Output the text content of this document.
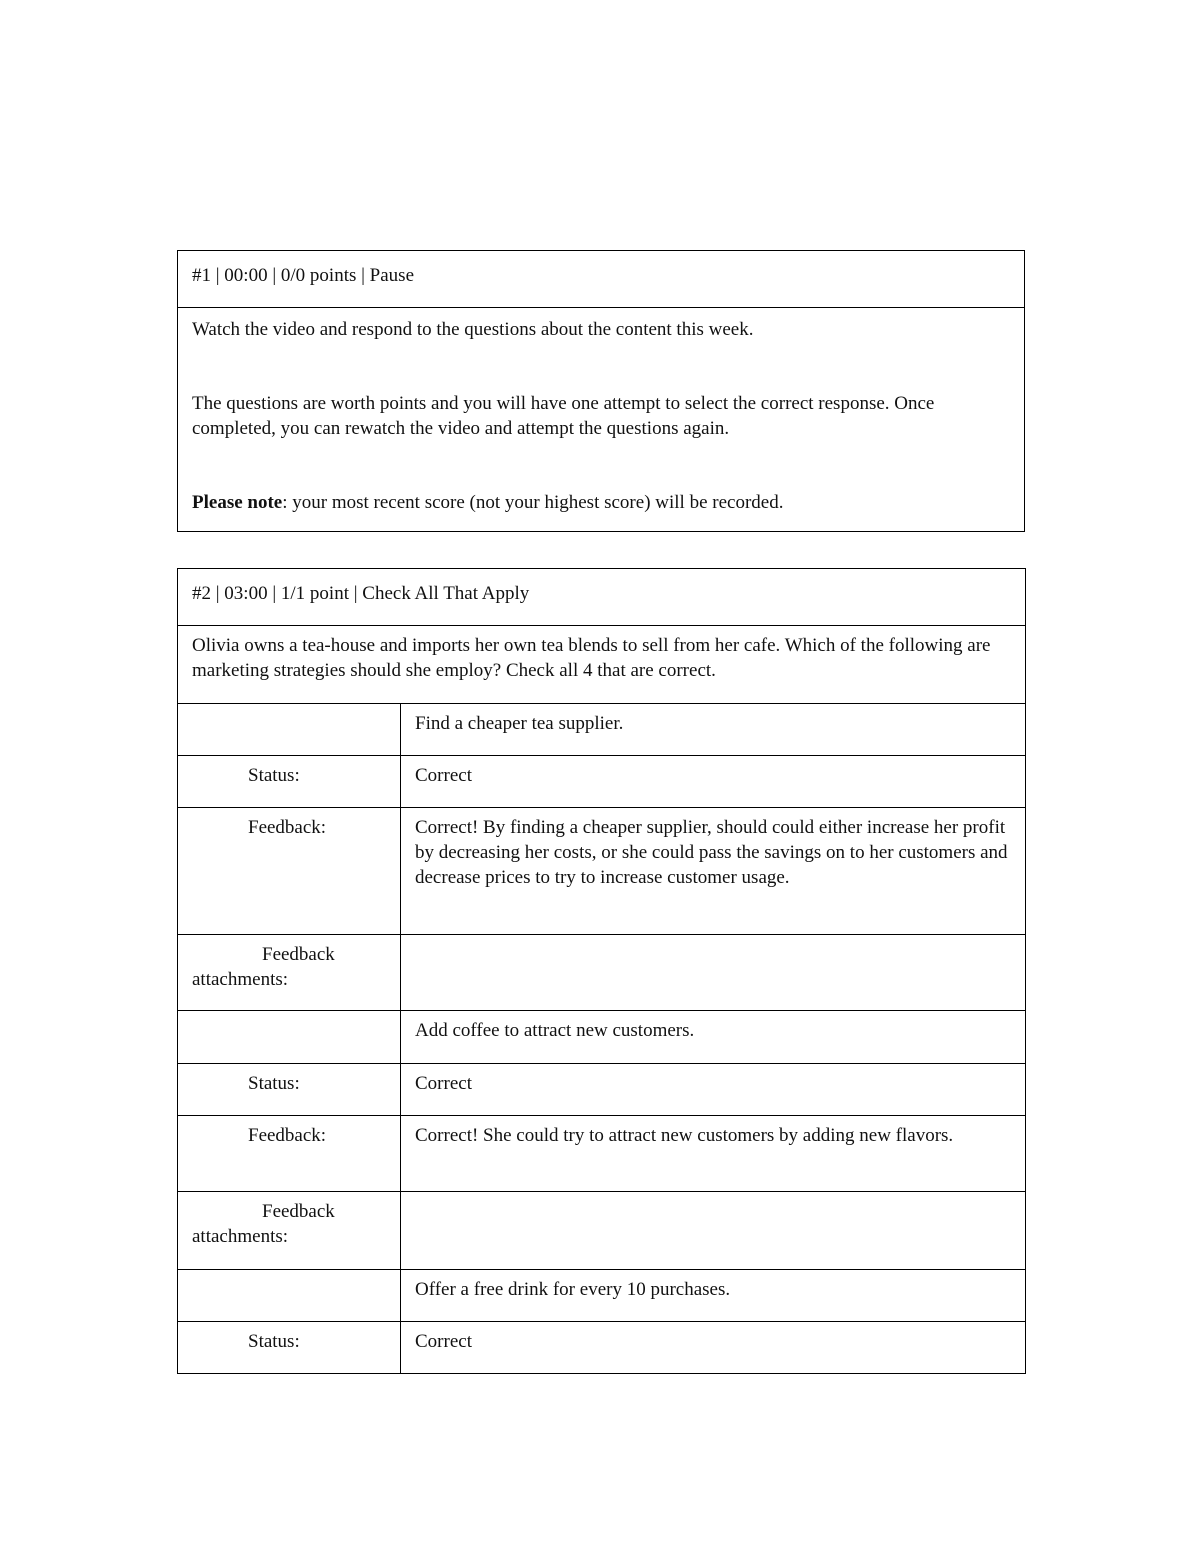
#1 | 00:00 | 0/0 points | Pause

Watch the video and respond to the questions about the content this week.

The questions are worth points and you will have one attempt to select the correct response. Once completed, you can rewatch the video and attempt the questions again.

Please note: your most recent score (not your highest score) will be recorded.

#2 | 03:00 | 1/1 point | Check All That Apply	
Olivia owns a tea-house and imports her own tea blends to sell from her cafe. Which of the following are marketing strategies should she employ? Check all 4 that are correct.	
	Find a cheaper tea supplier.
Status:	Correct
Feedback:	Correct! By finding a cheaper supplier, should could either increase her profit by decreasing her costs, or she could pass the savings on to her customers and decrease prices to try to increase customer usage.
Feedback attachments:	
	Add coffee to attract new customers.
Status:	Correct
Feedback:	Correct! She could try to attract new customers by adding new flavors.
Feedback attachments:	
	Offer a free drink for every 10 purchases.
Status:	Correct
